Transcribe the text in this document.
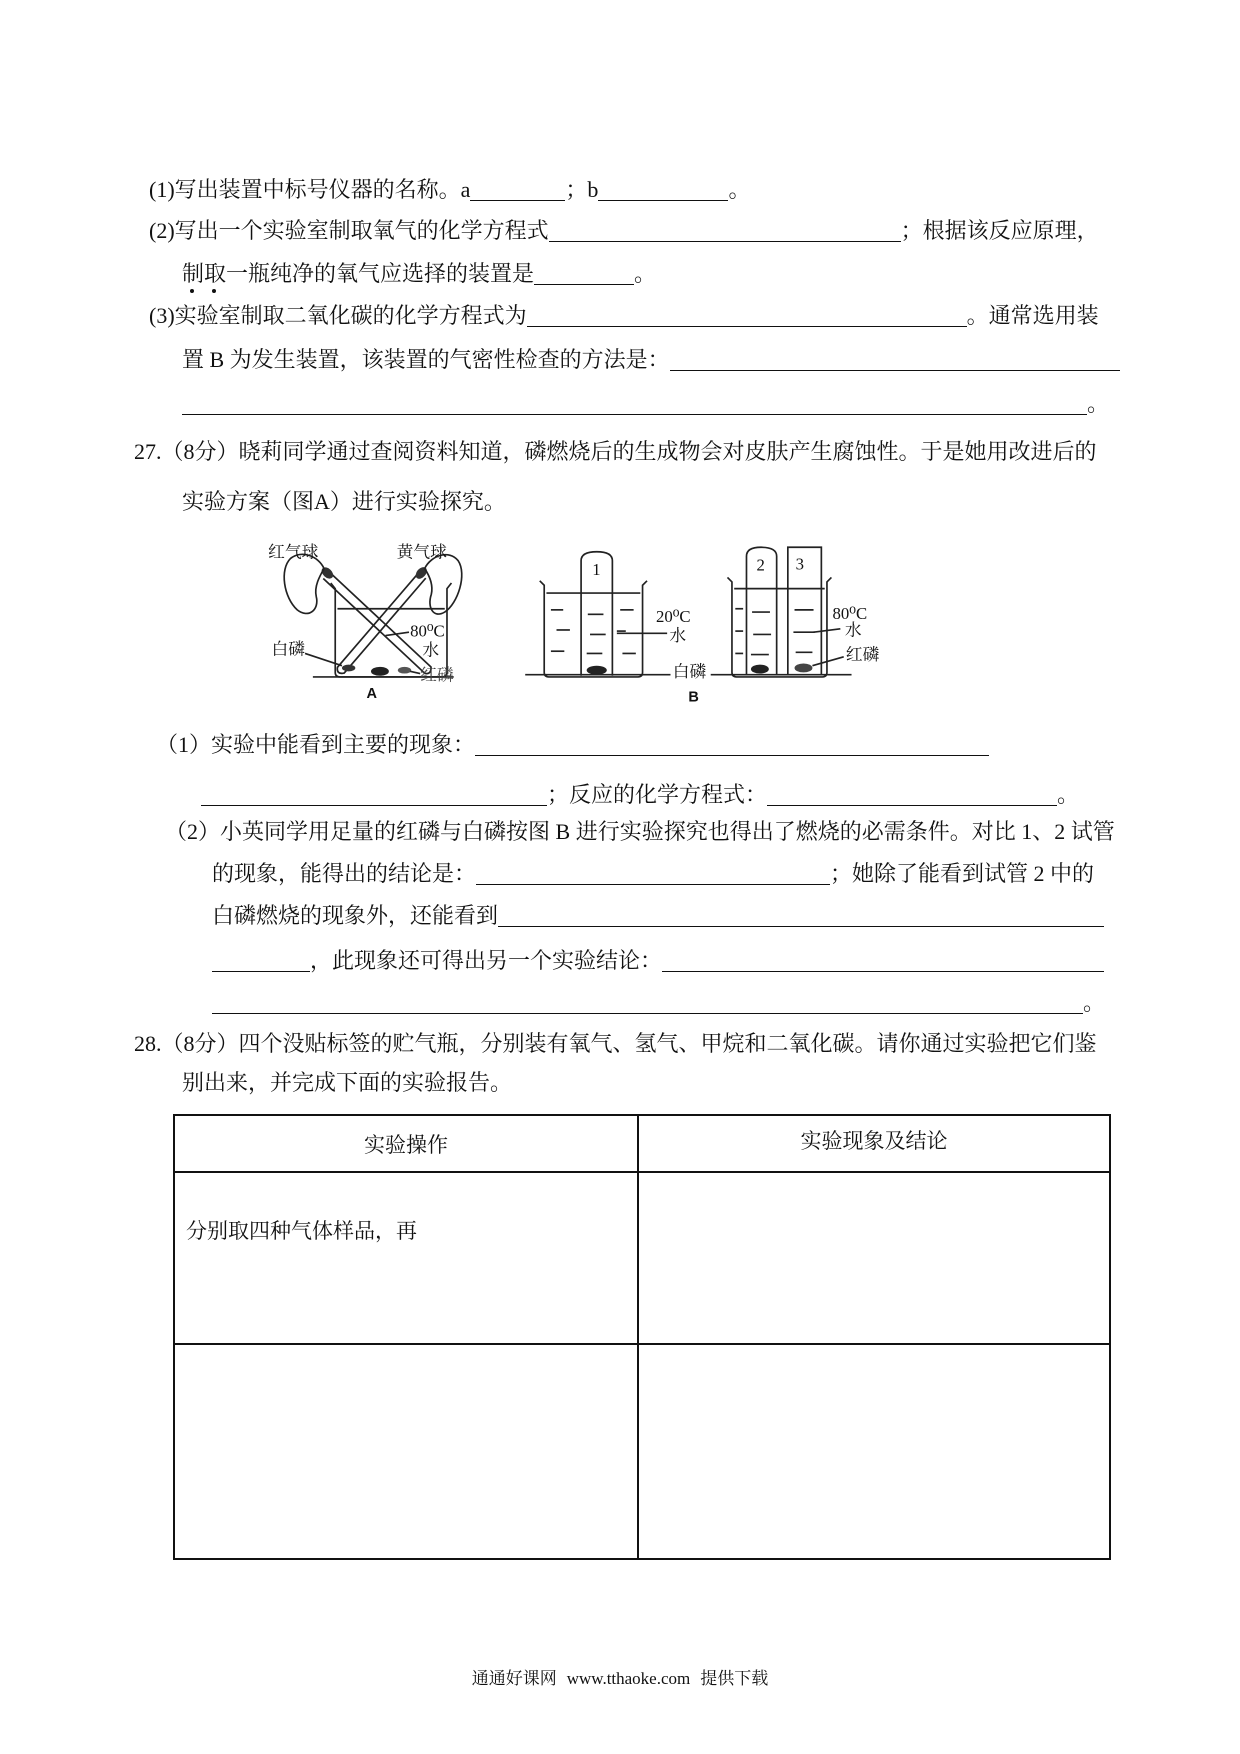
(1)写出装置中标号仪器的名称。a	；b	。
(2)写出一个实验室制取氧气的化学方程式	；根据该反应原理，
制取一瓶纯净的氧气应选择的装置是	。
(3)实验室制取二氧化碳的化学方程式为	。通常选用装
置 B 为发生装置，该装置的气密性检查的方法是：
。
27.（8分）晓莉同学通过查阅资料知道，磷燃烧后的生成物会对皮肤产生腐蚀性。于是她用改进后的
实验方案（图A）进行实验探究。
红气球	黄气球
80⁰C
水
白磷
红磷
A
1
20⁰C
水
白磷
2 3
80⁰C
水
红磷
B
（1）实验中能看到主要的现象：
；反应的化学方程式：	。
（2）小英同学用足量的红磷与白磷按图 B 进行实验探究也得出了燃烧的必需条件。对比 1、2 试管
的现象，能得出的结论是：	；她除了能看到试管 2 中的
白磷燃烧的现象外，还能看到
，此现象还可得出另一个实验结论：
。
28.（8分）四个没贴标签的贮气瓶，分别装有氧气、氢气、甲烷和二氧化碳。请你通过实验把它们鉴
别出来，并完成下面的实验报告。
实验操作	实验现象及结论
分别取四种气体样品，再
通通好课网 www.tthaoke.com 提供下载
